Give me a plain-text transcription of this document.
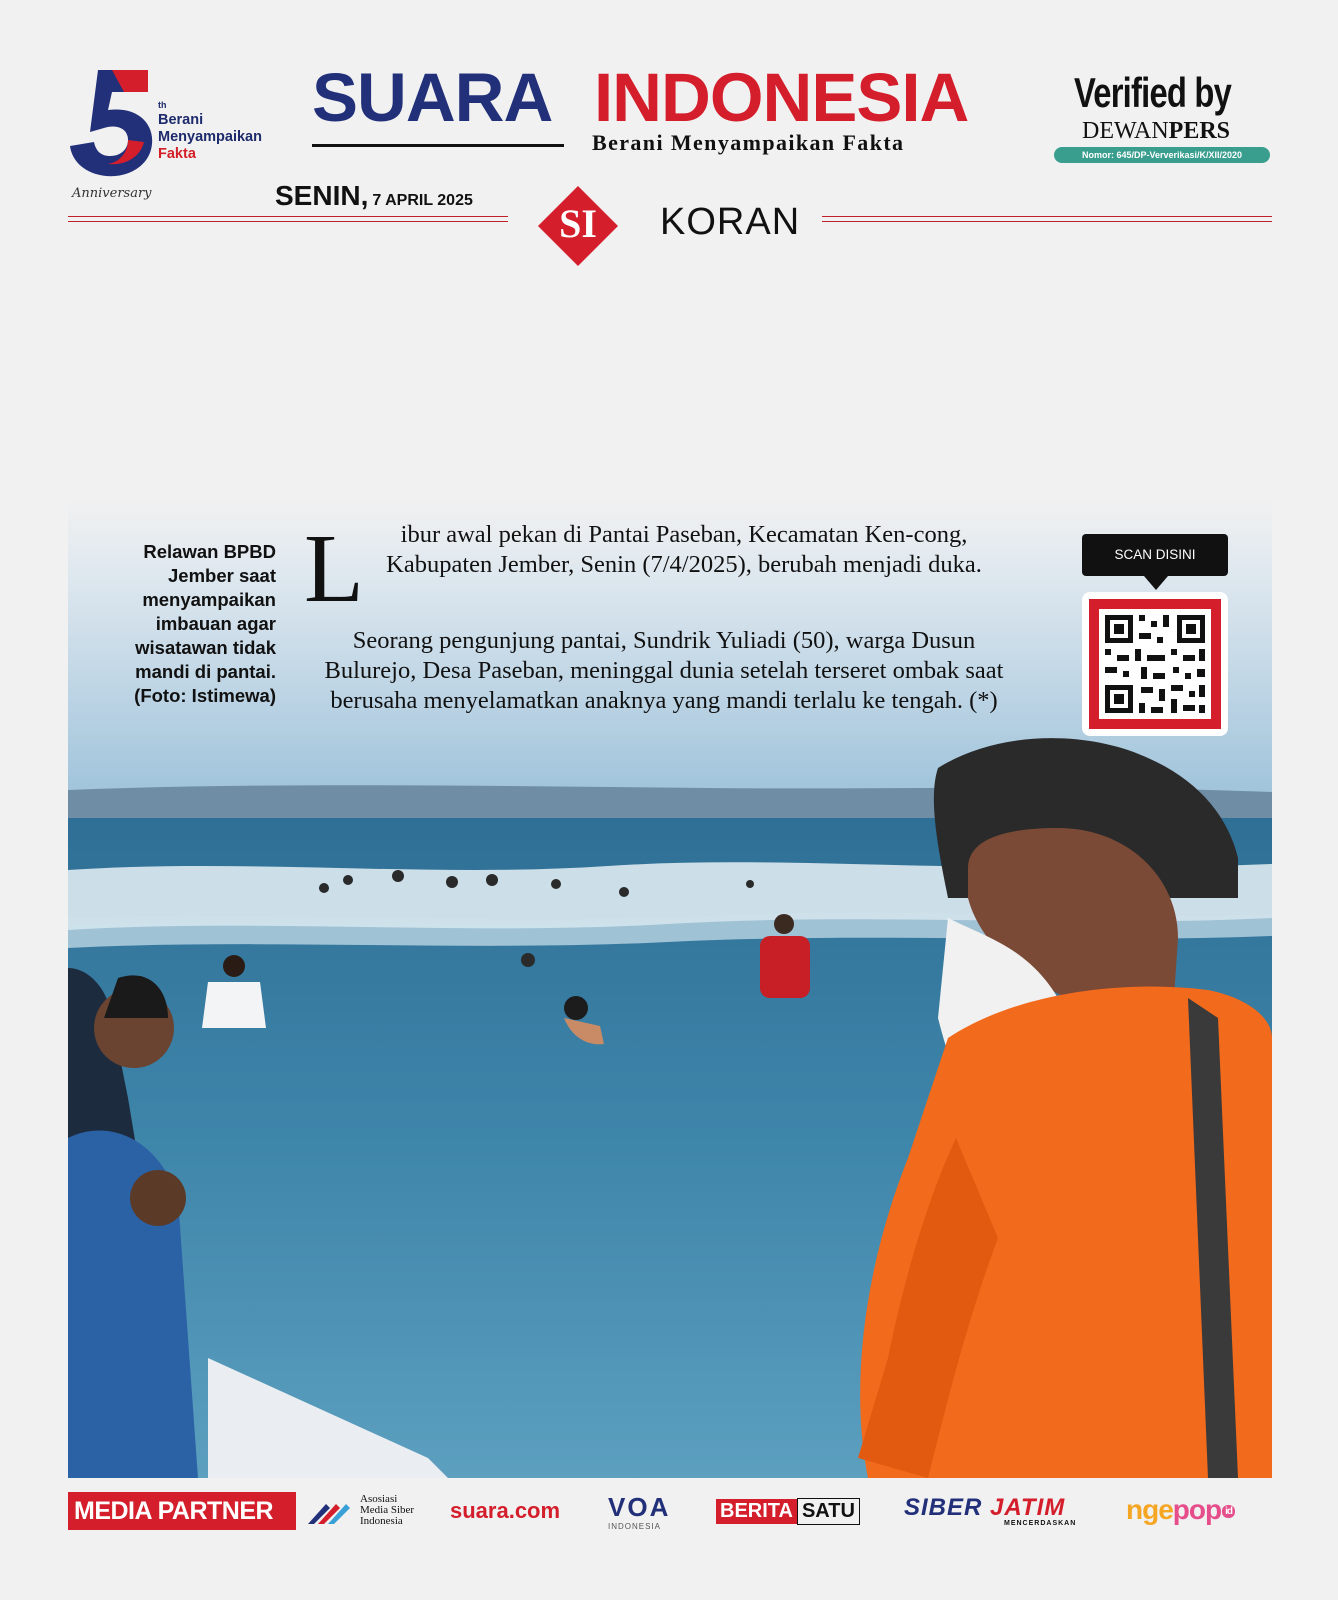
th
Berani
Menyampaikan
Fakta
Anniversary
SUARA INDONESIA
Berani Menyampaikan Fakta
Verified by
DEWANPERS
Nomor: 645/DP-Ververikasi/K/XII/2020
SENIN, 7 APRIL 2025
SI KORAN
Relawan BPBD Jember saat menyampaikan imbauan agar wisatawan tidak mandi di pantai. (Foto: Istimewa)
L	ibur awal pekan di Pantai Paseban, Kecamatan Ken-cong, Kabupaten Jember, Senin (7/4/2025), berubah menjadi duka.
Seorang pengunjung pantai, Sundrik Yuliadi (50), warga Dusun Bulurejo, Desa Paseban, meninggal dunia setelah terseret ombak saat berusaha menyelamatkan anaknya yang mandi terlalu ke tengah. (*)
SCAN DISINI
MEDIA PARTNER	Asosiasi
Media Siber
Indonesia	suara.com VOA
INDONESIA
BERITA SATU SIBER JATIM
MENCERDASKAN ngepop id
